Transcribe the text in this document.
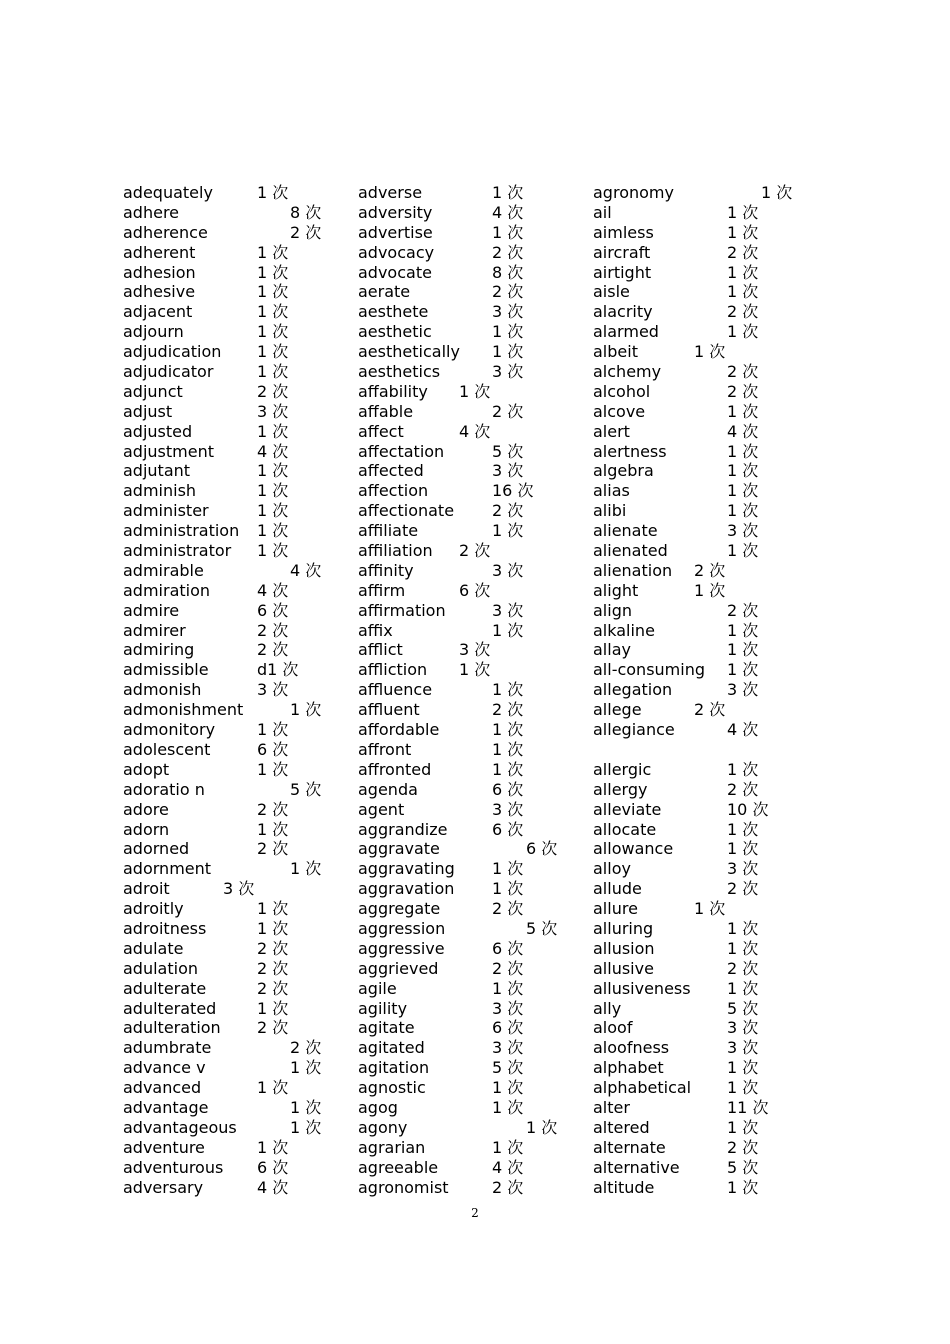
adequately	1 次
adhere	8 次
adherence	2 次
adherent	1 次
adhesion	1 次
adhesive	1 次
adjacent	1 次
adjourn	1 次
adjudication 1 次
adjudicator	1 次
adjunct	2 次
adjust	3 次
adjusted	1 次
adjustment	4 次
adjutant	1 次
adminish	1 次
administer	1 次
administration 1 次
administrator 1 次
admirable	4 次
admiration	4 次
admire	6 次
admirer	2 次
admiring	2 次
admissible	d1 次
admonish	3 次
admonishment	1 次
admonitory	1 次
adolescent	6 次
adopt	1 次
adoratio n	5 次
adore	2 次
adorn	1 次
adorned	2 次
adornment	1 次
adroit	3 次
adroitly	1 次
adroitness	1 次
adulate	2 次
adulation	2 次
adulterate	2 次
adulterated	1 次
adulteration 2 次
adumbrate	2 次
advance v	1 次
advanced	1 次
advantage	1 次
advantageous	1 次
adventure	1 次
adventurous 6 次
adversary	4 次
adverse	1 次
adversity	4 次
advertise	1 次
advocacy	2 次
advocate	8 次
aerate	2 次
aesthete	3 次
aesthetic	1 次
aesthetically 1 次
aesthetics	3 次
affability 1 次
affable	2 次
affect	4 次
affectation	5 次
affected	3 次
affection	16 次
affectionate 2 次
affiliate	1 次
affiliation 2 次
affinity	3 次
affirm	6 次
affirmation	3 次
affix	1 次
afflict	3 次
affliction 1 次
affluence	1 次
affluent	2 次
affordable	1 次
affront	1 次
affronted	1 次
agenda	6 次
agent	3 次
aggrandize	6 次
aggravate	6 次
aggravating 1 次
aggravation 1 次
aggregate	2 次
aggression	5 次
aggressive	6 次
aggrieved	2 次
agile	1 次
agility	3 次
agitate	6 次
agitated	3 次
agitation	5 次
agnostic	1 次
agog	1 次
agony	1 次
agrarian	1 次
agreeable	4 次
agronomist	2 次
agronomy	1 次
ail	1 次
aimless	1 次
aircraft	2 次
airtight	1 次
aisle	1 次
alacrity	2 次
alarmed	1 次
albeit	1 次
alchemy	2 次
alcohol	2 次
alcove	1 次
alert	4 次
alertness	1 次
algebra	1 次
alias	1 次
alibi	1 次
alienate	3 次
alienated	1 次
alienation 2 次
alight	1 次
align	2 次
alkaline	1 次
allay	1 次
all-consuming 1 次
allegation	3 次
allege	2 次
allegiance	4 次
allergic	1 次
allergy	2 次
alleviate	10 次
allocate	1 次
allowance	1 次
alloy	3 次
allude	2 次
allure	1 次
alluring	1 次
allusion	1 次
allusive	2 次
allusiveness 1 次
ally	5 次
aloof	3 次
aloofness	3 次
alphabet	1 次
alphabetical 1 次
alter	11 次
altered	1 次
alternate	2 次
alternative	5 次
altitude	1 次
2
